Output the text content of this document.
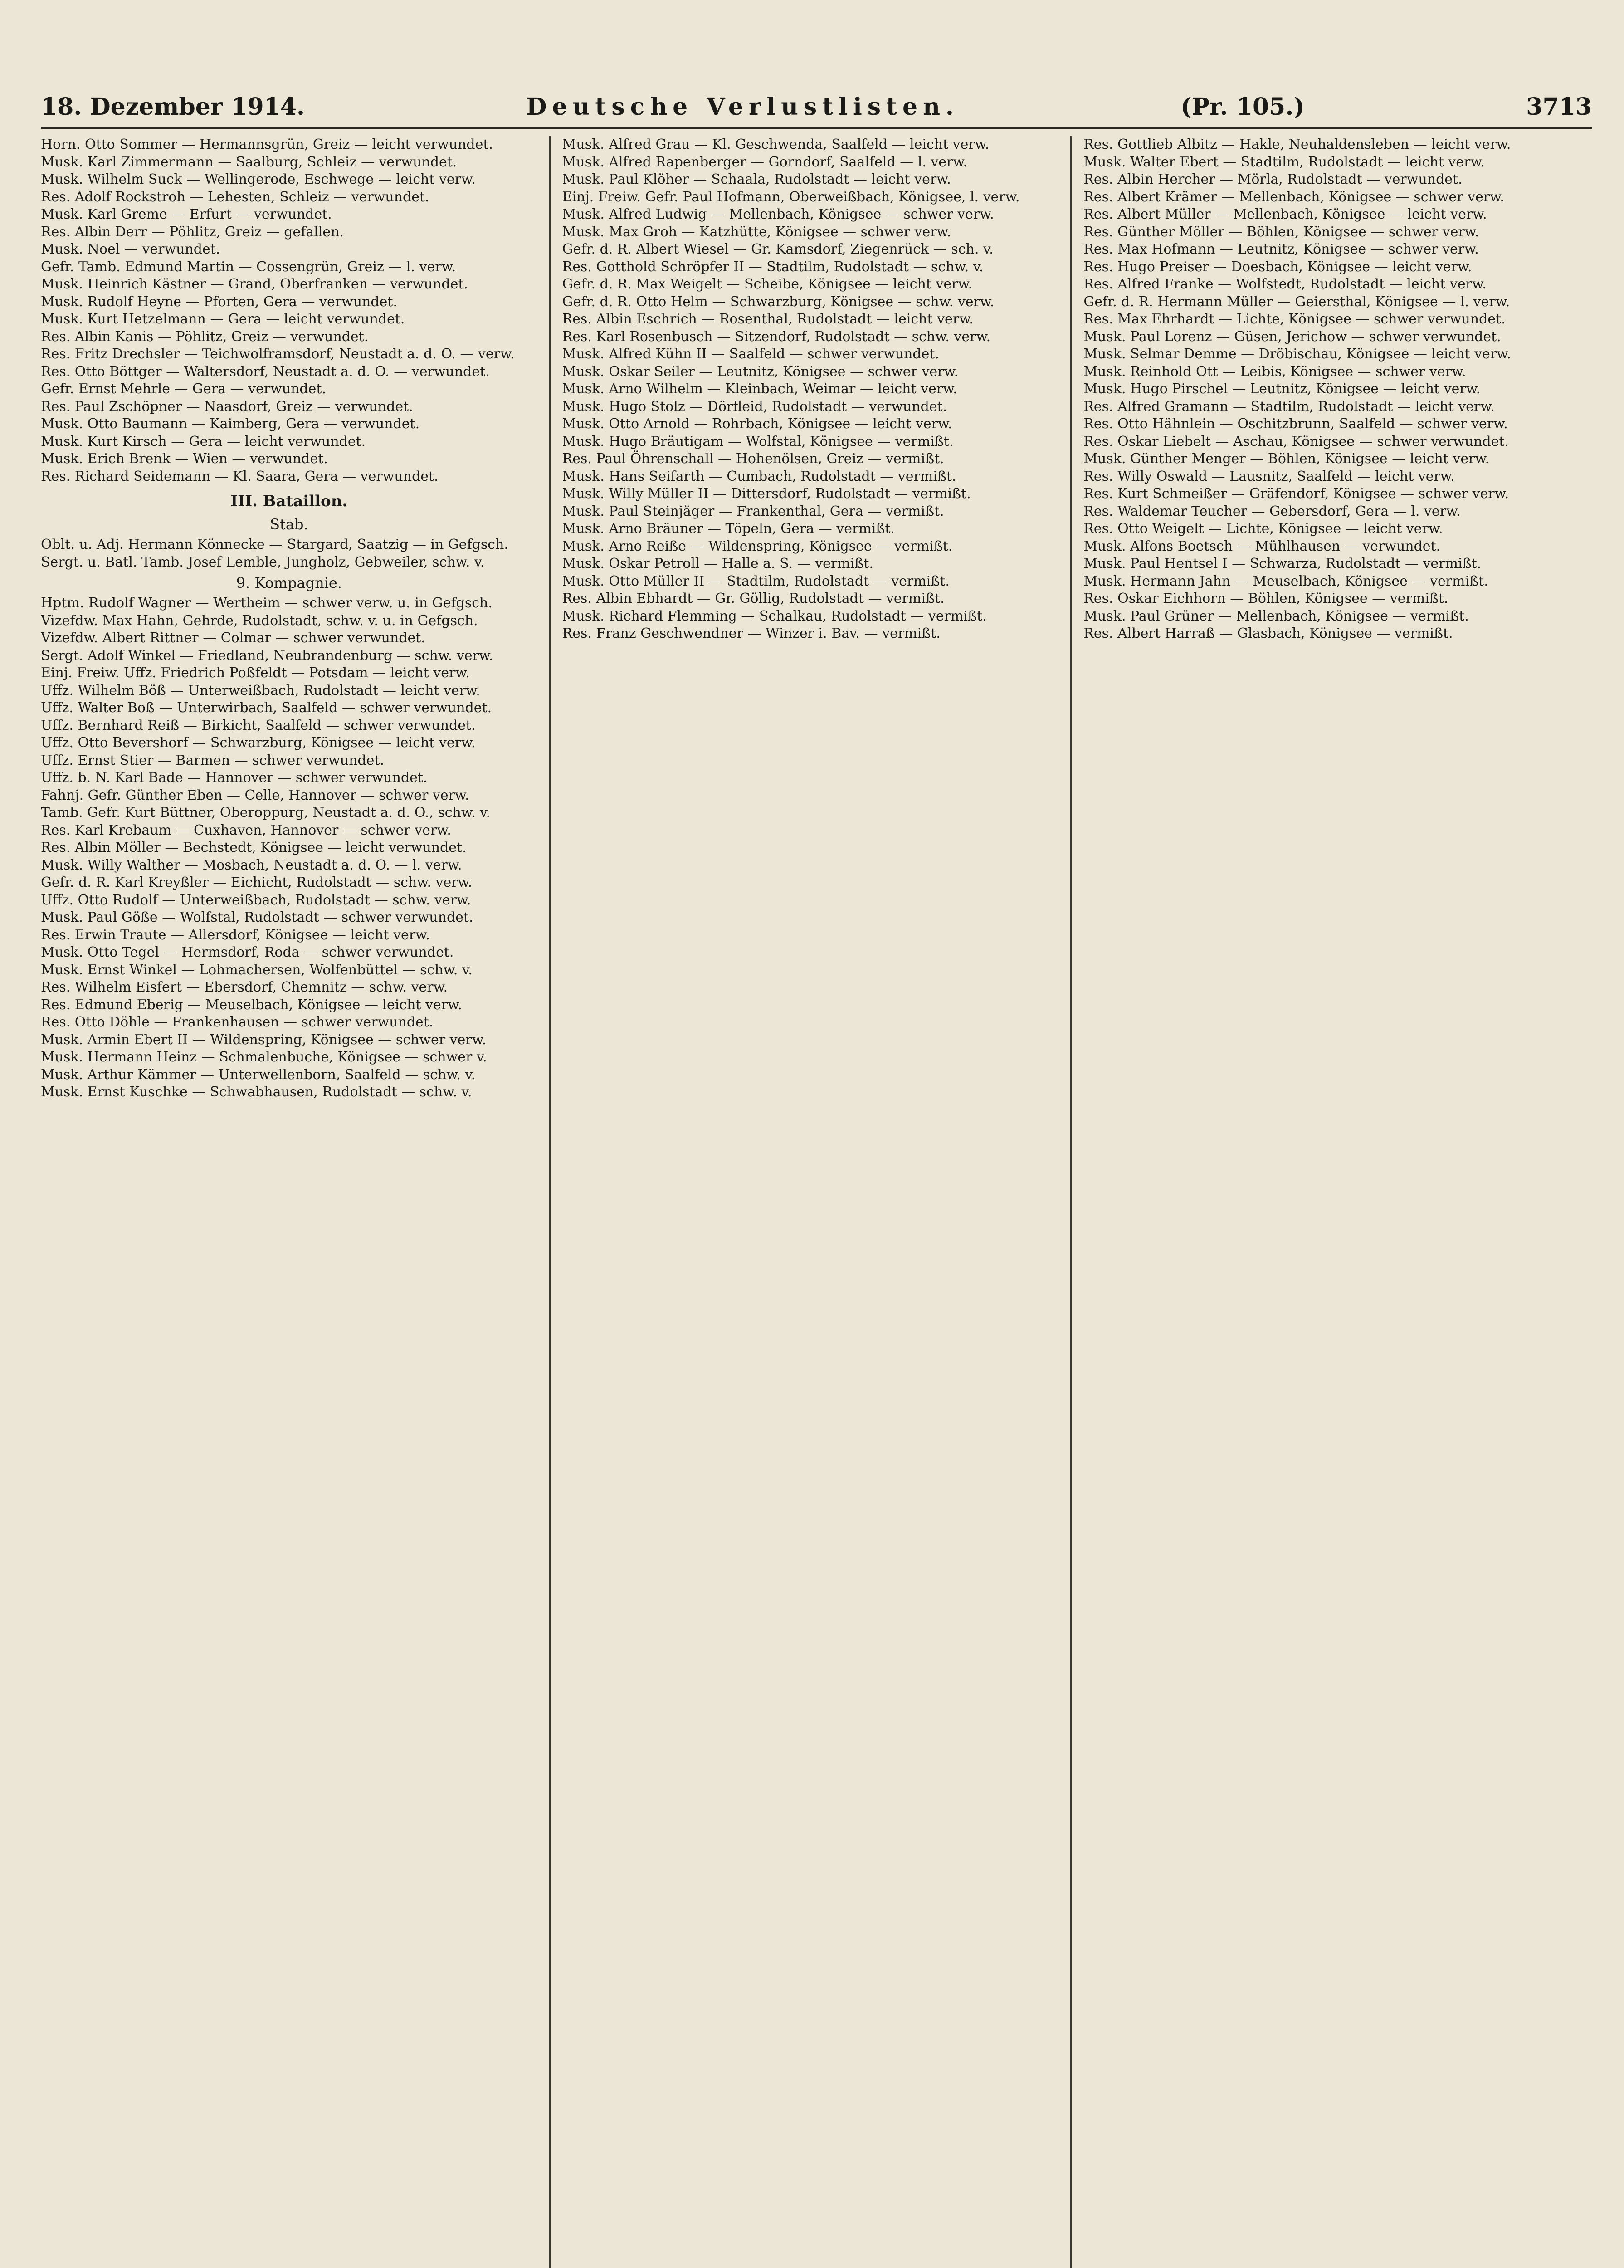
18. Dezember 1914.	Deutsche Verlustlisten.	(Pr. 105.)	3713
Horn. Otto Sommer — Hermannsgrün, Greiz — leicht verwundet.
Musk. Karl Zimmermann — Saalburg, Schleiz — verwundet.
Musk. Wilhelm Suck — Wellingerode, Eschwege — leicht verw.
Res. Adolf Rockstroh — Lehesten, Schleiz — verwundet.
Musk. Karl Greme — Erfurt — verwundet.
Res. Albin Derr — Pöhlitz, Greiz — gefallen.
Musk. Noel — verwundet.
Gefr. Tamb. Edmund Martin — Cossengrün, Greiz — l. verw.
Musk. Heinrich Kästner — Grand, Oberfranken — verwundet.
Musk. Rudolf Heyne — Pforten, Gera — verwundet.
Musk. Kurt Hetzelmann — Gera — leicht verwundet.
Res. Albin Kanis — Pöhlitz, Greiz — verwundet.
Res. Fritz Drechsler — Teichwolframsdorf, Neustadt a. d. O. — verw.
Res. Otto Böttger — Waltersdorf, Neustadt a. d. O. — verwundet.
Gefr. Ernst Mehrle — Gera — verwundet.
Res. Paul Zschöpner — Naasdorf, Greiz — verwundet.
Musk. Otto Baumann — Kaimberg, Gera — verwundet.
Musk. Kurt Kirsch — Gera — leicht verwundet.
Musk. Erich Brenk — Wien — verwundet.
Res. Richard Seidemann — Kl. Saara, Gera — verwundet.
III. Bataillon.
Stab.
Oblt. u. Adj. Hermann Könnecke — Stargard, Saatzig — in Gefgsch.
Sergt. u. Batl. Tamb. Josef Lemble, Jungholz, Gebweiler, schw. v.
9. Kompagnie.
Hptm. Rudolf Wagner — Wertheim — schwer verw. u. in Gefgsch.
Vizefdw. Max Hahn, Gehrde, Rudolstadt, schw. v. u. in Gefgsch.
Vizefdw. Albert Rittner — Colmar — schwer verwundet.
Sergt. Adolf Winkel — Friedland, Neubrandenburg — schw. verw.
Einj. Freiw. Uffz. Friedrich Poßfeldt — Potsdam — leicht verw.
Uffz. Wilhelm Böß — Unterweißbach, Rudolstadt — leicht verw.
Uffz. Walter Boß — Unterwirbach, Saalfeld — schwer verwundet.
Uffz. Bernhard Reiß — Birkicht, Saalfeld — schwer verwundet.
Uffz. Otto Bevershorf — Schwarzburg, Königsee — leicht verw.
Uffz. Ernst Stier — Barmen — schwer verwundet.
Uffz. b. N. Karl Bade — Hannover — schwer verwundet.
Fahnj. Gefr. Günther Eben — Celle, Hannover — schwer verw.
Tamb. Gefr. Kurt Büttner, Oberoppurg, Neustadt a. d. O., schw. v.
Res. Karl Krebaum — Cuxhaven, Hannover — schwer verw.
Res. Albin Möller — Bechstedt, Königsee — leicht verwundet.
Musk. Willy Walther — Mosbach, Neustadt a. d. O. — l. verw.
Gefr. d. R. Karl Kreyßler — Eichicht, Rudolstadt — schw. verw.
Uffz. Otto Rudolf — Unterweißbach, Rudolstadt — schw. verw.
Musk. Paul Göße — Wolfstal, Rudolstadt — schwer verwundet.
Res. Erwin Traute — Allersdorf, Königsee — leicht verw.
Musk. Otto Tegel — Hermsdorf, Roda — schwer verwundet.
Musk. Ernst Winkel — Lohmachersen, Wolfenbüttel — schw. v.
Res. Wilhelm Eisfert — Ebersdorf, Chemnitz — schw. verw.
Res. Edmund Eberig — Meuselbach, Königsee — leicht verw.
Res. Otto Döhle — Frankenhausen — schwer verwundet.
Musk. Armin Ebert II — Wildenspring, Königsee — schwer verw.
Musk. Hermann Heinz — Schmalenbuche, Königsee — schwer v.
Musk. Arthur Kämmer — Unterwellenborn, Saalfeld — schw. v.
Musk. Ernst Kuschke — Schwabhausen, Rudolstadt — schw. v.
Musk. Alfred Grau — Kl. Geschwenda, Saalfeld — leicht verw.
Musk. Alfred Rapenberger — Gorndorf, Saalfeld — l. verw.
Musk. Paul Klöher — Schaala, Rudolstadt — leicht verw.
Einj. Freiw. Gefr. Paul Hofmann, Oberweißbach, Königsee, l. verw.
Musk. Alfred Ludwig — Mellenbach, Königsee — schwer verw.
Musk. Max Groh — Katzhütte, Königsee — schwer verw.
Gefr. d. R. Albert Wiesel — Gr. Kamsdorf, Ziegenrück — sch. v.
Res. Gotthold Schröpfer II — Stadtilm, Rudolstadt — schw. v.
Gefr. d. R. Max Weigelt — Scheibe, Königsee — leicht verw.
Gefr. d. R. Otto Helm — Schwarzburg, Königsee — schw. verw.
Res. Albin Eschrich — Rosenthal, Rudolstadt — leicht verw.
Res. Karl Rosenbusch — Sitzendorf, Rudolstadt — schw. verw.
Musk. Alfred Kühn II — Saalfeld — schwer verwundet.
Musk. Oskar Seiler — Leutnitz, Königsee — schwer verw.
Musk. Arno Wilhelm — Kleinbach, Weimar — leicht verw.
Musk. Hugo Stolz — Dörfleid, Rudolstadt — verwundet.
Musk. Otto Arnold — Rohrbach, Königsee — leicht verw.
Musk. Hugo Bräutigam — Wolfstal, Königsee — vermißt.
Res. Paul Öhrenschall — Hohenölsen, Greiz — vermißt.
Musk. Hans Seifarth — Cumbach, Rudolstadt — vermißt.
Musk. Willy Müller II — Dittersdorf, Rudolstadt — vermißt.
Musk. Paul Steinjäger — Frankenthal, Gera — vermißt.
Musk. Arno Bräuner — Töpeln, Gera — vermißt.
Musk. Arno Reiße — Wildenspring, Königsee — vermißt.
Musk. Oskar Petroll — Halle a. S. — vermißt.
Musk. Otto Müller II — Stadtilm, Rudolstadt — vermißt.
Res. Albin Ebhardt — Gr. Göllig, Rudolstadt — vermißt.
Musk. Richard Flemming — Schalkau, Rudolstadt — vermißt.
Res. Franz Geschwendner — Winzer i. Bav. — vermißt.
Res. Gottlieb Albitz — Hakle, Neuhaldensleben — leicht verw.
Musk. Walter Ebert — Stadtilm, Rudolstadt — leicht verw.
Res. Albin Hercher — Mörla, Rudolstadt — verwundet.
Res. Albert Krämer — Mellenbach, Königsee — schwer verw.
Res. Albert Müller — Mellenbach, Königsee — leicht verw.
Res. Günther Möller — Böhlen, Königsee — schwer verw.
Res. Max Hofmann — Leutnitz, Königsee — schwer verw.
Res. Hugo Preiser — Doesbach, Königsee — leicht verw.
Res. Alfred Franke — Wolfstedt, Rudolstadt — leicht verw.
Gefr. d. R. Hermann Müller — Geiersthal, Königsee — l. verw.
Res. Max Ehrhardt — Lichte, Königsee — schwer verwundet.
Musk. Paul Lorenz — Güsen, Jerichow — schwer verwundet.
Musk. Selmar Demme — Dröbischau, Königsee — leicht verw.
Musk. Reinhold Ott — Leibis, Königsee — schwer verw.
Musk. Hugo Pirschel — Leutnitz, Königsee — leicht verw.
Res. Alfred Gramann — Stadtilm, Rudolstadt — leicht verw.
Res. Otto Hähnlein — Oschitzbrunn, Saalfeld — schwer verw.
Res. Oskar Liebelt — Aschau, Königsee — schwer verwundet.
Musk. Günther Menger — Böhlen, Königsee — leicht verw.
Res. Willy Oswald — Lausnitz, Saalfeld — leicht verw.
Res. Kurt Schmeißer — Gräfendorf, Königsee — schwer verw.
Res. Waldemar Teucher — Gebersdorf, Gera — l. verw.
Res. Otto Weigelt — Lichte, Königsee — leicht verw.
Musk. Alfons Boetsch — Mühlhausen — verwundet.
Musk. Paul Hentsel I — Schwarza, Rudolstadt — vermißt.
Musk. Hermann Jahn — Meuselbach, Königsee — vermißt.
Res. Oskar Eichhorn — Böhlen, Königsee — vermißt.
Musk. Paul Grüner — Mellenbach, Königsee — vermißt.
Res. Albert Harraß — Glasbach, Königsee — vermißt.
